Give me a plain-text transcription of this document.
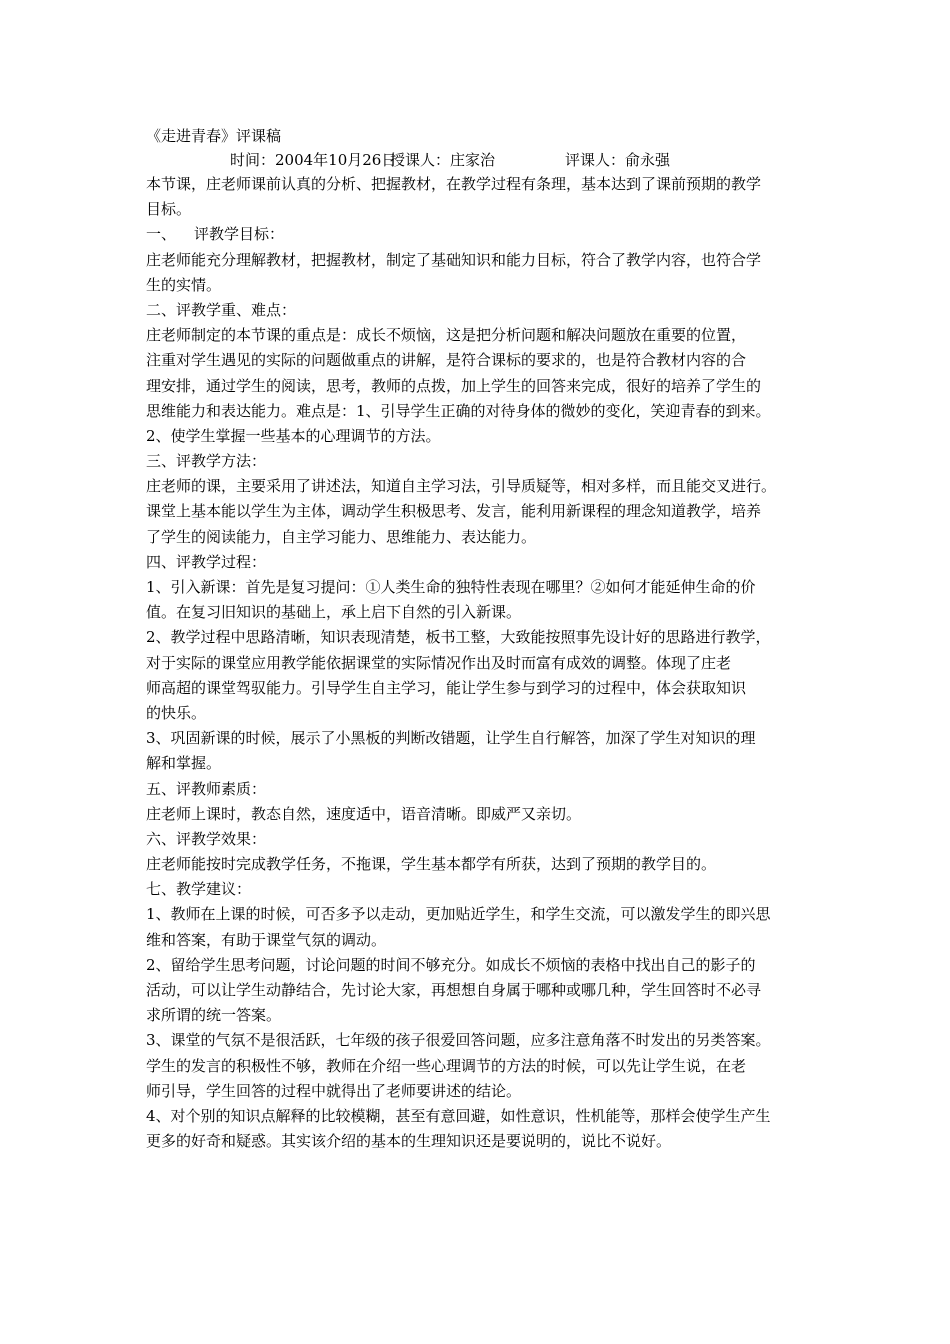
《走进青春》评课稿
时间：2004年10月26日授课人：庄家治	评课人：俞永强
本节课，庄老师课前认真的分析、把握教材，在教学过程有条理，基本达到了课前预期的教学
目标。
一、 评教学目标：
庄老师能充分理解教材，把握教材，制定了基础知识和能力目标，符合了教学内容，也符合学
生的实情。
二、评教学重、难点：
庄老师制定的本节课的重点是：成长不烦恼，这是把分析问题和解决问题放在重要的位置，
注重对学生遇见的实际的问题做重点的讲解，是符合课标的要求的，也是符合教材内容的合
理安排，通过学生的阅读，思考，教师的点拨，加上学生的回答来完成，很好的培养了学生的
思维能力和表达能力。难点是：1、引导学生正确的对待身体的微妙的变化，笑迎青春的到来。
2、使学生掌握一些基本的心理调节的方法。
三、评教学方法：
庄老师的课，主要采用了讲述法，知道自主学习法，引导质疑等，相对多样，而且能交叉进行。
课堂上基本能以学生为主体，调动学生积极思考、发言，能利用新课程的理念知道教学，培养
了学生的阅读能力，自主学习能力、思维能力、表达能力。
四、评教学过程：
1、引入新课：首先是复习提问：①人类生命的独特性表现在哪里？②如何才能延伸生命的价
值。在复习旧知识的基础上，承上启下自然的引入新课。
2、教学过程中思路清晰，知识表现清楚，板书工整，大致能按照事先设计好的思路进行教学，
对于实际的课堂应用教学能依据课堂的实际情况作出及时而富有成效的调整。体现了庄老
师高超的课堂驾驭能力。引导学生自主学习，能让学生参与到学习的过程中，体会获取知识
的快乐。
3、巩固新课的时候，展示了小黑板的判断改错题，让学生自行解答，加深了学生对知识的理
解和掌握。
五、评教师素质：
庄老师上课时，教态自然，速度适中，语音清晰。即威严又亲切。
六、评教学效果：
庄老师能按时完成教学任务，不拖课，学生基本都学有所获，达到了预期的教学目的。
七、教学建议：
1、教师在上课的时候，可否多予以走动，更加贴近学生，和学生交流，可以激发学生的即兴思
维和答案，有助于课堂气氛的调动。
2、留给学生思考问题，讨论问题的时间不够充分。如成长不烦恼的表格中找出自己的影子的
活动，可以让学生动静结合，先讨论大家，再想想自身属于哪种或哪几种，学生回答时不必寻
求所谓的统一答案。
3、课堂的气氛不是很活跃，七年级的孩子很爱回答问题，应多注意角落不时发出的另类答案。
学生的发言的积极性不够，教师在介绍一些心理调节的方法的时候，可以先让学生说，在老
师引导，学生回答的过程中就得出了老师要讲述的结论。
4、对个别的知识点解释的比较模糊，甚至有意回避，如性意识，性机能等，那样会使学生产生
更多的好奇和疑惑。其实该介绍的基本的生理知识还是要说明的，说比不说好。
